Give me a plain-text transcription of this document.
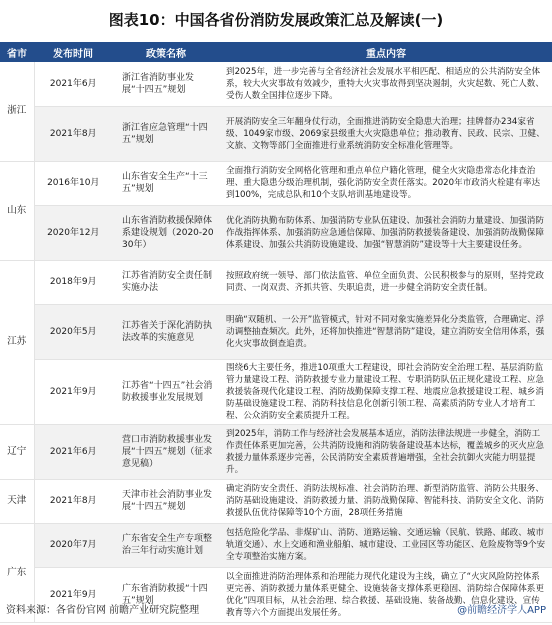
图表10：中国各省份消防发展政策汇总及解读(一)
省市	发布时间	政策名称	重点内容
浙江	2021年6月	浙江省消防事业发展“十四五”规划	到2025年，进一步完善与全省经济社会发展水平相匹配、相适应的公共消防安全体系，较大火灾事故有效减少，重特大火灾事故得到坚决遏制，火灾起数、死亡人数、受伤人数全国排位逐步下降。
	2021年8月	浙江省应急管理“十四五”规划	开展消防安全三年翻身仗行动，全面推进消防安全隐患大治理；挂牌督办234家省级、1049家市级、2069家县级重大火灾隐患单位；推动教育、民政、民宗、卫健、文旅、文物等部门全面推进行业系统消防安全标准化管理等。
山东	2016年10月	山东省安全生产“十三五”规划	全面推行消防安全网格化管理和重点单位户籍化管理，健全火灾隐患常态化排查治理、重大隐患分级治理机制，强化消防安全责任落实。2020年市政消火栓建有率达到100%，完成总队和10个支队培训基地建设等。
	2020年12月	山东省消防救援保障体系建设规划（2020-2030年）	优化消防执勤布防体系、加强消防专业队伍建设、加强社会消防力量建设、加强消防作战指挥体系、加强消防应急通信保障、加强消防救援装备建设、加强消防战勤保障体系建设、加强公共消防设施建设、加强“智慧消防”建设等十大主要建设任务。
江苏	2018年9月	江苏省消防安全责任制实施办法	按照政府统一领导、部门依法监管、单位全面负责、公民积极参与的原则，坚持党政同责、一岗双责、齐抓共管、失职追责，进一步健全消防安全责任制。
	2020年5月	江苏省关于深化消防执法改革的实施意见	明确“双随机、一公开”监管模式，针对不同对象实施差异化分类监管，合理确定、浮动调整抽查频次。此外，还将加快推进“智慧消防”建设，建立消防安全信用体系，强化火灾事故倒查追责。
	2021年9月	江苏省“十四五”社会消防救援事业发展规划	围绕6大主要任务，推进10项重大工程建设，即社会消防安全治理工程、基层消防监管力量建设工程、消防救援专业力量建设工程、专职消防队伍正规化建设工程、应急救援装备现代化建设工程、消防战勤保障支撑工程、地震应急救援建设工程、城乡消防基础设施建设工程、消防科技信息化创新引领工程、高素质消防专业人才培育工程、公众消防安全素质提升工程。
辽宁	2021年6月	营口市消防救援事业发展“十四五”规划（征求意见稿）	到2025年，消防工作与经济社会发展基本适应，消防法律法规进一步健全，消防工作责任体系更加完善，公共消防设施和消防装备建设基本达标，覆盖城乡的灭火应急救援力量体系逐步完善，公民消防安全素质普遍增强，全社会抗御火灾能力明显提升。
天津	2021年8月	天津市社会消防事业发展“十四五”规划	确定消防安全责任、消防法规标准、社会消防治理、新型消防监管、消防公共服务、消防基础设施建设、消防救援力量、消防战勤保障、智能科技、消防安全文化、消防救援队伍优待保障等10个方面，28项任务措施
广东	2020年7月	广东省安全生产专项整治三年行动实施计划	包括危险化学品、非煤矿山、消防、道路运输、交通运输（民航、铁路、邮政、城市轨道交通）、水上交通和渔业船舶、城市建设、工业园区等功能区、危险废物等9个安全专项整治实施方案。
	2021年9月	广东省消防救援“十四五”规划	以全面推进消防治理体系和治理能力现代化建设为主线，确立了“火灾风险防控体系更完善、消防救援力量体系更健全、设施装备支撑体系更稳固、消防综合保障体系更优化”四项目标，从社会治理、综合救援、基础设施、装备战勤、信息化建设、宣传教育等六个方面提出发展任务。
资料来源：各省份官网 前瞻产业研究院整理	@前瞻经济学人APP
